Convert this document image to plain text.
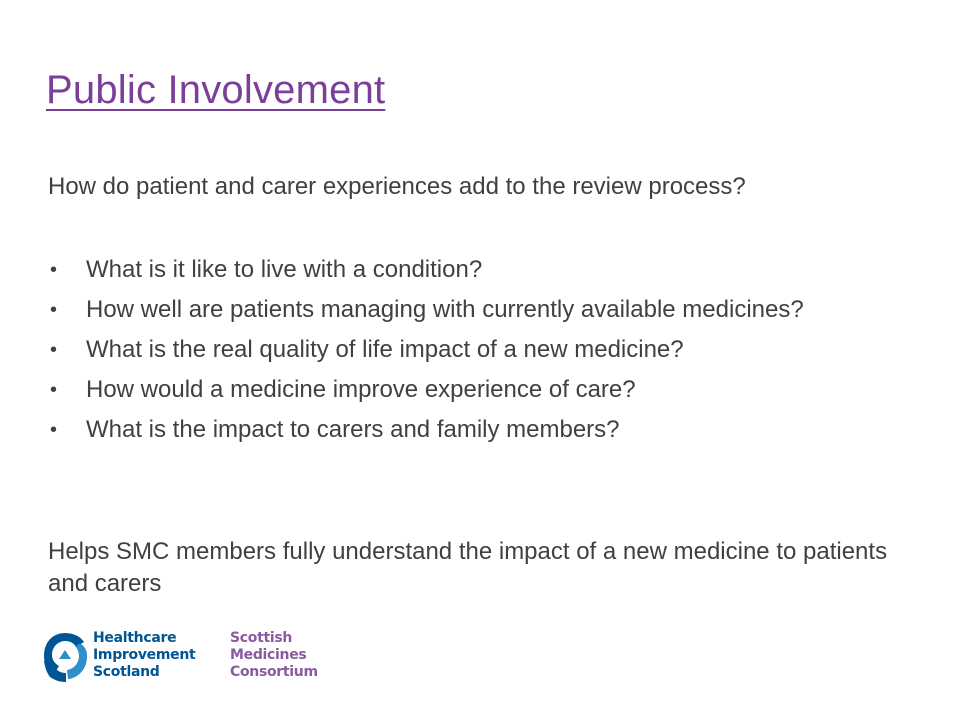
Public Involvement
How do patient and carer experiences add to the review process?
• What is it like to live with a condition?
• How well are patients managing with currently available medicines?
• What is the real quality of life impact of a new medicine?
• How would a medicine improve experience of care?
• What is the impact to carers and family members?
Helps SMC members fully understand the impact of a new medicine to patients and carers
Healthcare
Improvement
Scotland
Scottish
Medicines
Consortium
